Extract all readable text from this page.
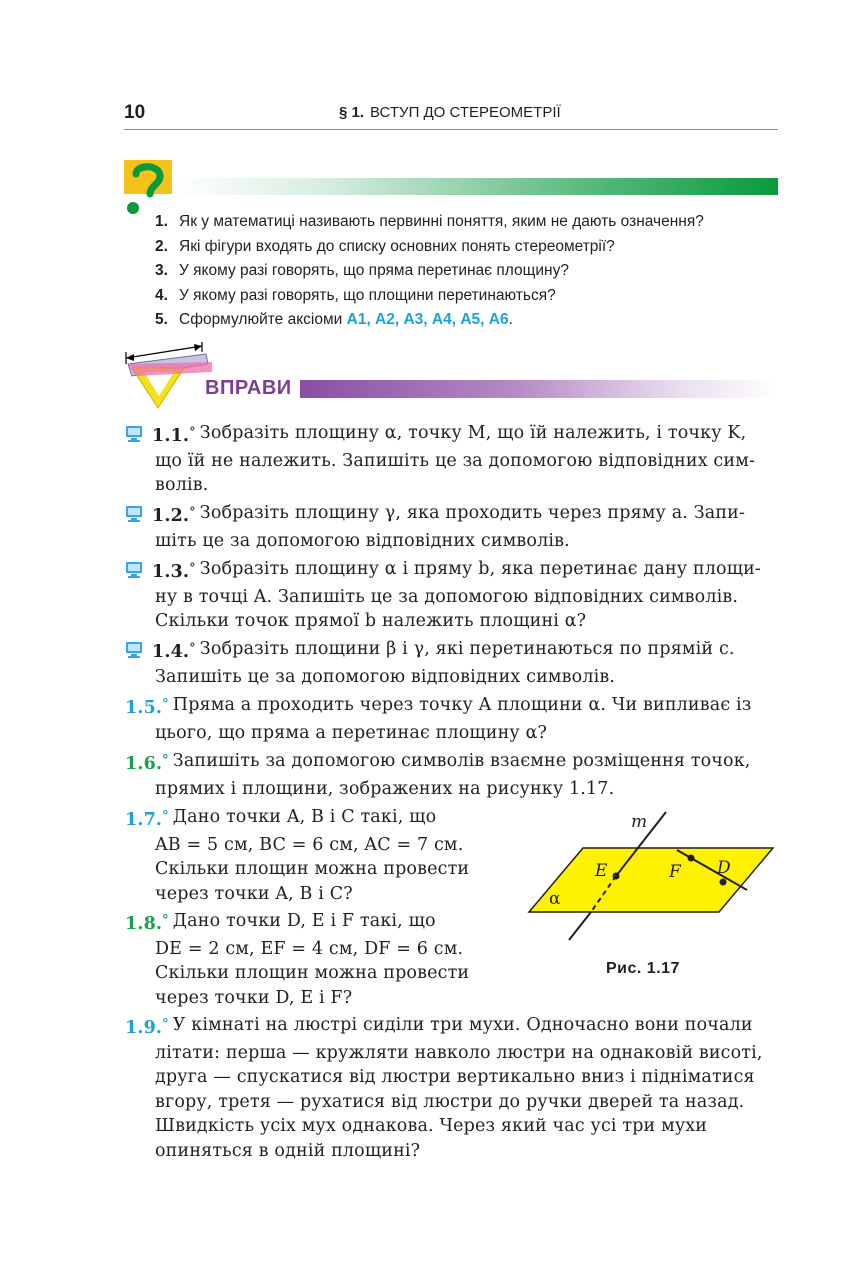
10	§ 1. ВСТУП ДО СТЕРЕОМЕТРІЇ
1. Як у математиці називають первинні поняття, яким не дають означення?
2. Які фігури входять до списку основних понять стереометрії?
3. У якому разі говорять, що пряма перетинає площину?
4. У якому разі говорять, що площини перетинаються?
5. Сформулюйте аксіоми А1, А2, А3, А4, А5, А6.
ВПРАВИ
1.1.° Зобразіть площину α, точку M, що їй належить, і точку K,
що їй не належить. Запишіть це за допомогою відповідних сим-
волів.
1.2.° Зобразіть площину γ, яка проходить через пряму a. Запи-
шіть це за допомогою відповідних символів.
1.3.° Зобразіть площину α і пряму b, яка перетинає дану площи-
ну в точці A. Запишіть це за допомогою відповідних символів.
Скільки точок прямої b належить площині α?
1.4.° Зобразіть площини β і γ, які перетинаються по прямій c.
Запишіть це за допомогою відповідних символів.
1.5.° Пряма a проходить через точку A площини α. Чи випливає із
цього, що пряма a перетинає площину α?
1.6.° Запишіть за допомогою символів взаємне розміщення точок,
прямих і площини, зображених на рисунку 1.17.
1.7.° Дано точки A, B і C такі, що
AB = 5 см, BC = 6 см, AC = 7 см.
Скільки площин можна провести
через точки A, B і C?
1.8.° Дано точки D, E і F такі, що
DE = 2 см, EF = 4 см, DF = 6 см.
Скільки площин можна провести
через точки D, E і F?
m
E	F D
α
Рис. 1.17
1.9.° У кімнаті на люстрі сиділи три мухи. Одночасно вони почали
літати: перша — кружляти навколо люстри на однаковій висоті,
друга — спускатися від люстри вертикально вниз і підніматися
вгору, третя — рухатися від люстри до ручки дверей та назад.
Швидкість усіх мух однакова. Через який час усі три мухи
опиняться в одній площині?
